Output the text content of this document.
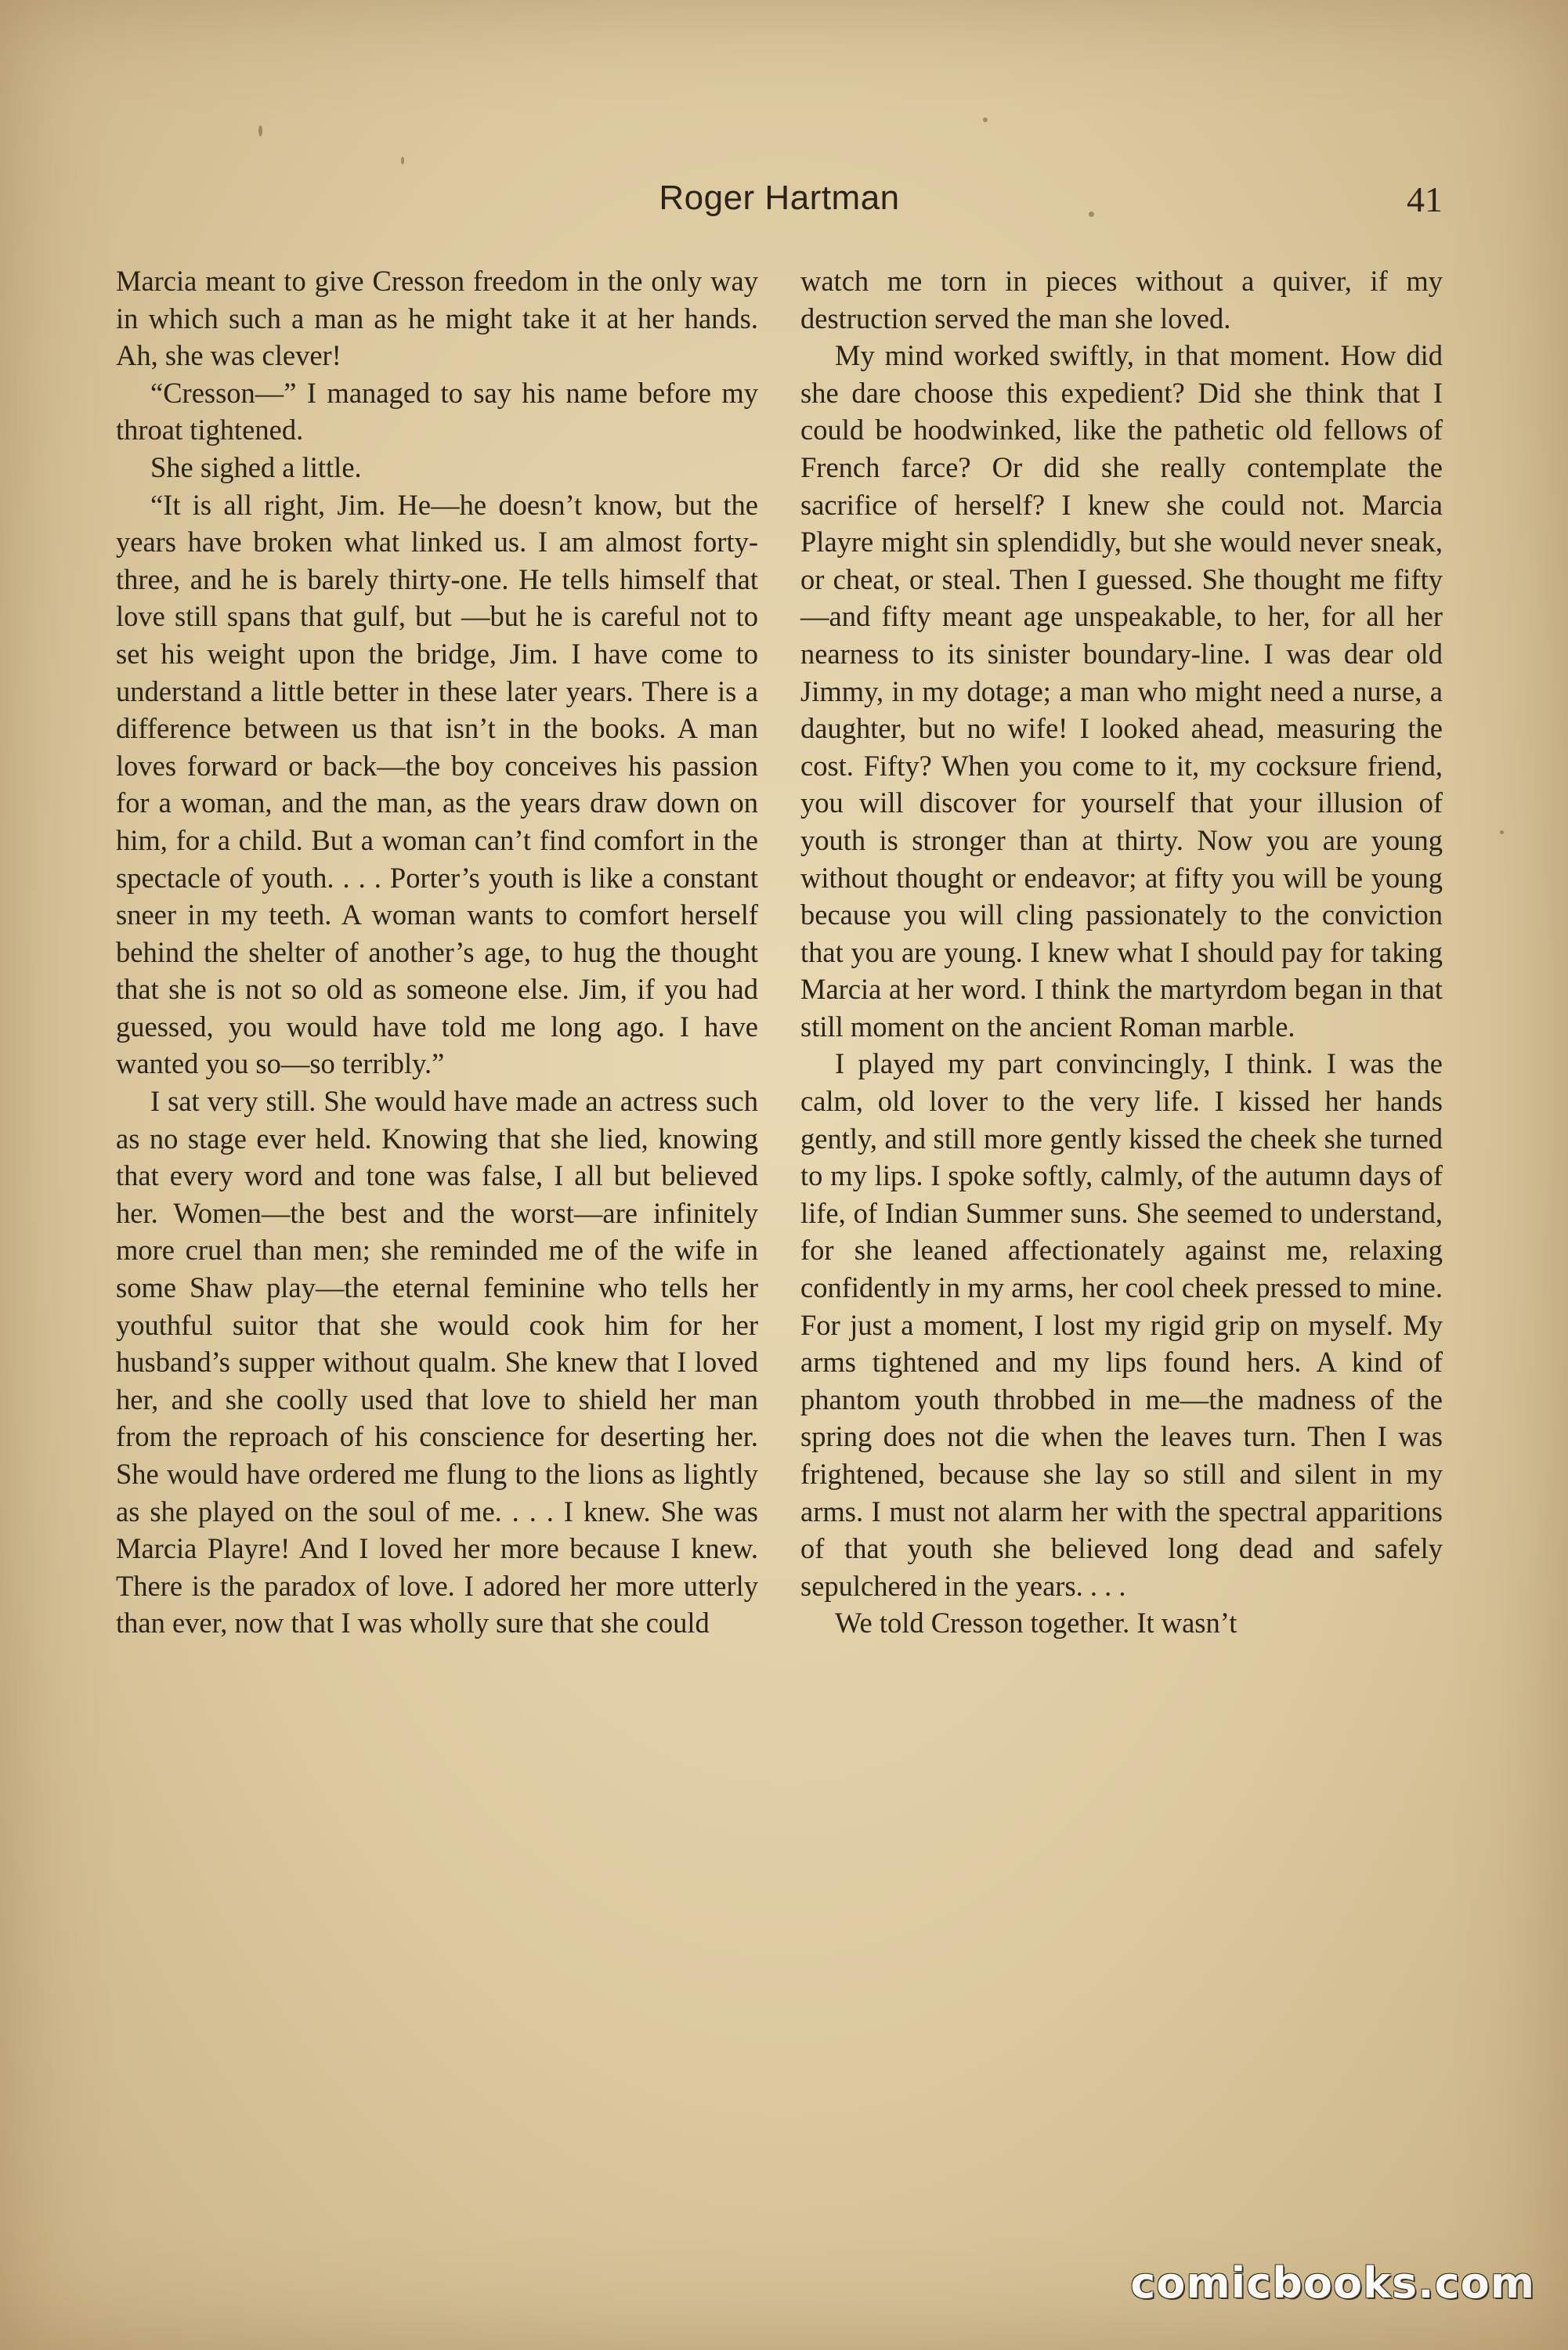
Roger Hartman	41

Marcia meant to give Cresson freedom in the only way in which such a man as he might take it at her hands. Ah, she was clever!

“Cresson—” I managed to say his name before my throat tightened.

She sighed a little.

“It is all right, Jim. He—he doesn’t know, but the years have broken what linked us. I am almost forty-three, and he is barely thirty-one. He tells himself that love still spans that gulf, but —but he is careful not to set his weight upon the bridge, Jim. I have come to understand a little better in these later years. There is a difference between us that isn’t in the books. A man loves forward or back—the boy conceives his passion for a woman, and the man, as the years draw down on him, for a child. But a woman can’t find comfort in the spectacle of youth. . . . Porter’s youth is like a constant sneer in my teeth. A woman wants to comfort herself behind the shelter of another’s age, to hug the thought that she is not so old as someone else. Jim, if you had guessed, you would have told me long ago. I have wanted you so—so terribly.”

I sat very still. She would have made an actress such as no stage ever held. Knowing that she lied, knowing that every word and tone was false, I all but believed her. Women—the best and the worst—are infinitely more cruel than men; she reminded me of the wife in some Shaw play—the eternal feminine who tells her youthful suitor that she would cook him for her husband’s supper without qualm. She knew that I loved her, and she coolly used that love to shield her man from the reproach of his conscience for deserting her. She would have ordered me flung to the lions as lightly as she played on the soul of me. . . . I knew. She was Marcia Playre! And I loved her more because I knew. There is the paradox of love. I adored her more utterly than ever, now that I was wholly sure that she could

watch me torn in pieces without a quiver, if my destruction served the man she loved.

My mind worked swiftly, in that moment. How did she dare choose this expedient? Did she think that I could be hoodwinked, like the pathetic old fellows of French farce? Or did she really contemplate the sacrifice of herself? I knew she could not. Marcia Playre might sin splendidly, but she would never sneak, or cheat, or steal. Then I guessed. She thought me fifty—and fifty meant age unspeakable, to her, for all her nearness to its sinister boundary-line. I was dear old Jimmy, in my dotage; a man who might need a nurse, a daughter, but no wife! I looked ahead, measuring the cost. Fifty? When you come to it, my cocksure friend, you will discover for yourself that your illusion of youth is stronger than at thirty. Now you are young without thought or endeavor; at fifty you will be young because you will cling passionately to the conviction that you are young. I knew what I should pay for taking Marcia at her word. I think the martyrdom began in that still moment on the ancient Roman marble.

I played my part convincingly, I think. I was the calm, old lover to the very life. I kissed her hands gently, and still more gently kissed the cheek she turned to my lips. I spoke softly, calmly, of the autumn days of life, of Indian Summer suns. She seemed to understand, for she leaned affectionately against me, relaxing confidently in my arms, her cool cheek pressed to mine. For just a moment, I lost my rigid grip on myself. My arms tightened and my lips found hers. A kind of phantom youth throbbed in me—the madness of the spring does not die when the leaves turn. Then I was frightened, because she lay so still and silent in my arms. I must not alarm her with the spectral apparitions of that youth she believed long dead and safely sepulchered in the years. . . .

We told Cresson together. It wasn’t

comicbooks.com
